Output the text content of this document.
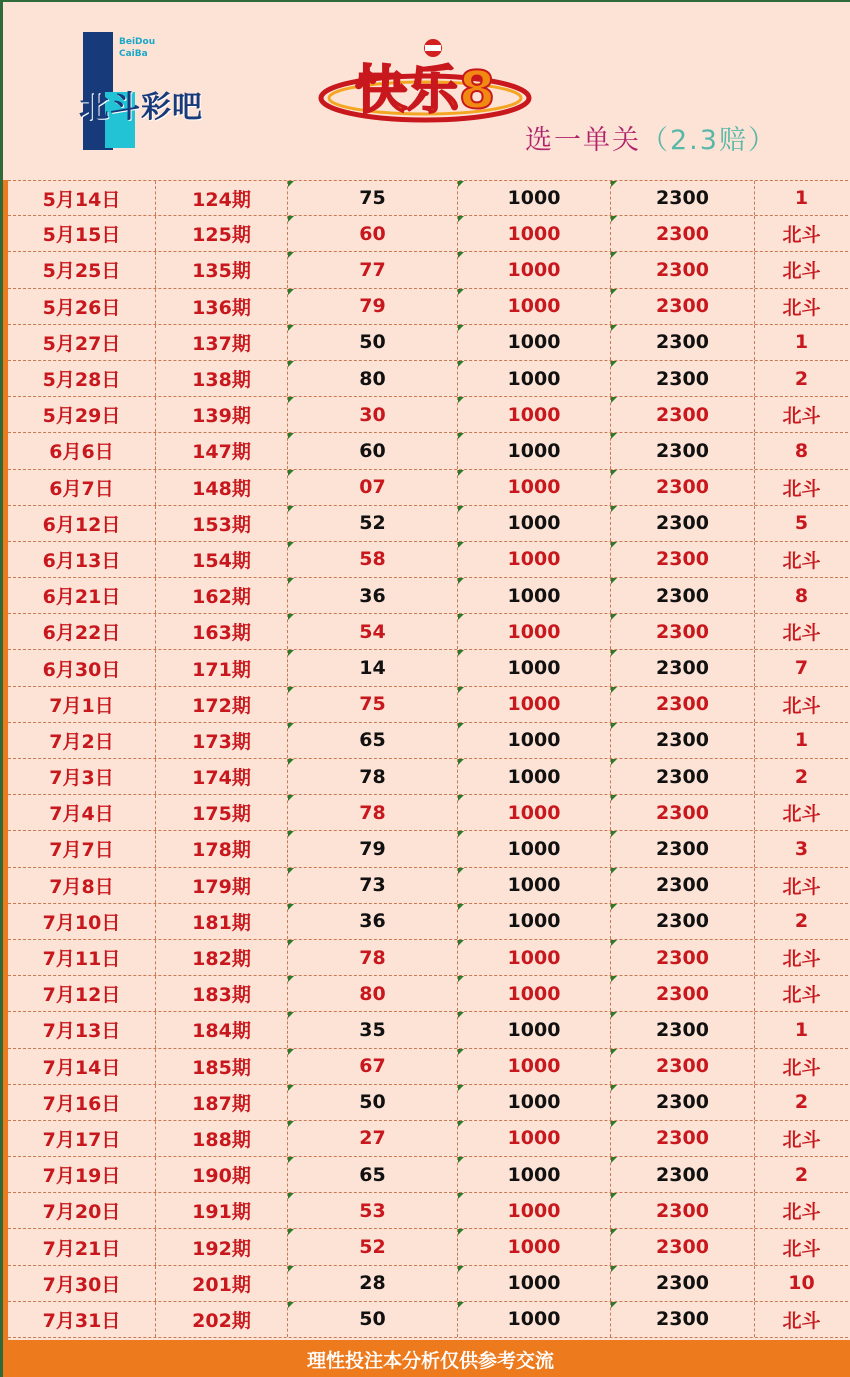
BeiDou
CaiBa
北斗彩吧	快乐8
选一单关（2.3赔）
5月14日	124期	75	1000	2300	1
5月15日	125期	60	1000	2300	北斗
5月25日	135期	77	1000	2300	北斗
5月26日	136期	79	1000	2300	北斗
5月27日	137期	50	1000	2300	1
5月28日	138期	80	1000	2300	2
5月29日	139期	30	1000	2300	北斗
6月6日	147期	60	1000	2300	8
6月7日	148期	07	1000	2300	北斗
6月12日	153期	52	1000	2300	5
6月13日	154期	58	1000	2300	北斗
6月21日	162期	36	1000	2300	8
6月22日	163期	54	1000	2300	北斗
6月30日	171期	14	1000	2300	7
7月1日	172期	75	1000	2300	北斗
7月2日	173期	65	1000	2300	1
7月3日	174期	78	1000	2300	2
7月4日	175期	78	1000	2300	北斗
7月7日	178期	79	1000	2300	3
7月8日	179期	73	1000	2300	北斗
7月10日	181期	36	1000	2300	2
7月11日	182期	78	1000	2300	北斗
7月12日	183期	80	1000	2300	北斗
7月13日	184期	35	1000	2300	1
7月14日	185期	67	1000	2300	北斗
7月16日	187期	50	1000	2300	2
7月17日	188期	27	1000	2300	北斗
7月19日	190期	65	1000	2300	2
7月20日	191期	53	1000	2300	北斗
7月21日	192期	52	1000	2300	北斗
7月30日	201期	28	1000	2300	10
7月31日	202期	50	1000	2300	北斗
理性投注本分析仅供参考交流
